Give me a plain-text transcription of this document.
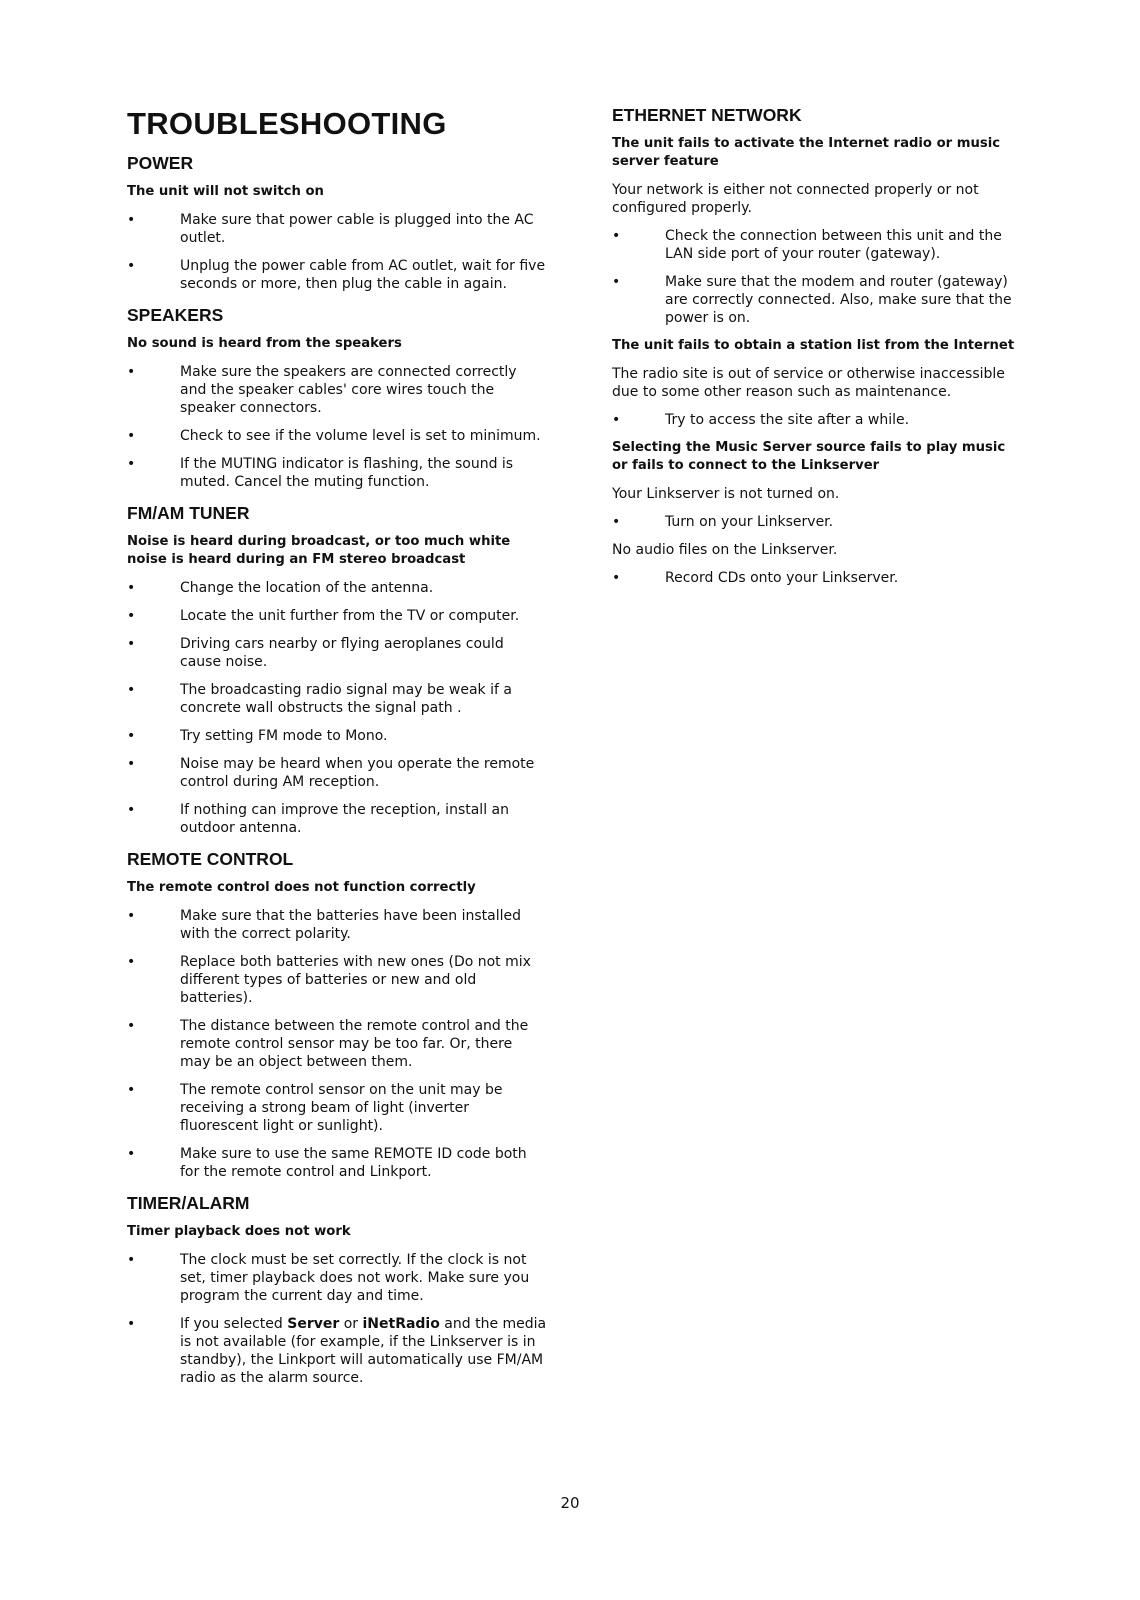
TROUBLESHOOTING
POWER
The unit will not switch on
•	Make sure that power cable is plugged into the AC outlet.
•	Unplug the power cable from AC outlet, wait for five seconds or more, then plug the cable in again.
SPEAKERS
No sound is heard from the speakers
•	Make sure the speakers are connected correctly and the speaker cables' core wires touch the speaker connectors.
•	Check to see if the volume level is set to minimum.
•	If the MUTING indicator is flashing, the sound is muted. Cancel the muting function.
FM/AM TUNER
Noise is heard during broadcast, or too much white noise is heard during an FM stereo broadcast
•	Change the location of the antenna.
•	Locate the unit further from the TV or computer.
•	Driving cars nearby or flying aeroplanes could cause noise.
•	The broadcasting radio signal may be weak if a concrete wall obstructs the signal path .
•	Try setting FM mode to Mono.
•	Noise may be heard when you operate the remote control during AM reception.
•	If nothing can improve the reception, install an outdoor antenna.
REMOTE CONTROL
The remote control does not function correctly
•	Make sure that the batteries have been installed with the correct polarity.
•	Replace both batteries with new ones (Do not mix different types of batteries or new and old batteries).
•	The distance between the remote control and the remote control sensor may be too far. Or, there may be an object between them.
•	The remote control sensor on the unit may be receiving a strong beam of light (inverter fluorescent light or sunlight).
•	Make sure to use the same REMOTE ID code both for the remote control and Linkport.
TIMER/ALARM
Timer playback does not work
•	The clock must be set correctly. If the clock is not set, timer playback does not work. Make sure you program the current day and time.
•	If you selected Server or iNetRadio and the media is not available (for example, if the Linkserver is in standby), the Linkport will automatically use FM/AM radio as the alarm source.
ETHERNET NETWORK
The unit fails to activate the Internet radio or music server feature
Your network is either not connected properly or not configured properly.
•	Check the connection between this unit and the LAN side port of your router (gateway).
•	Make sure that the modem and router (gateway) are correctly connected. Also, make sure that the power is on.
The unit fails to obtain a station list from the Internet
The radio site is out of service or otherwise inaccessible due to some other reason such as maintenance.
•	Try to access the site after a while.
Selecting the Music Server source fails to play music or fails to connect to the Linkserver
Your Linkserver is not turned on.
•	Turn on your Linkserver.
No audio files on the Linkserver.
•	Record CDs onto your Linkserver.
20
